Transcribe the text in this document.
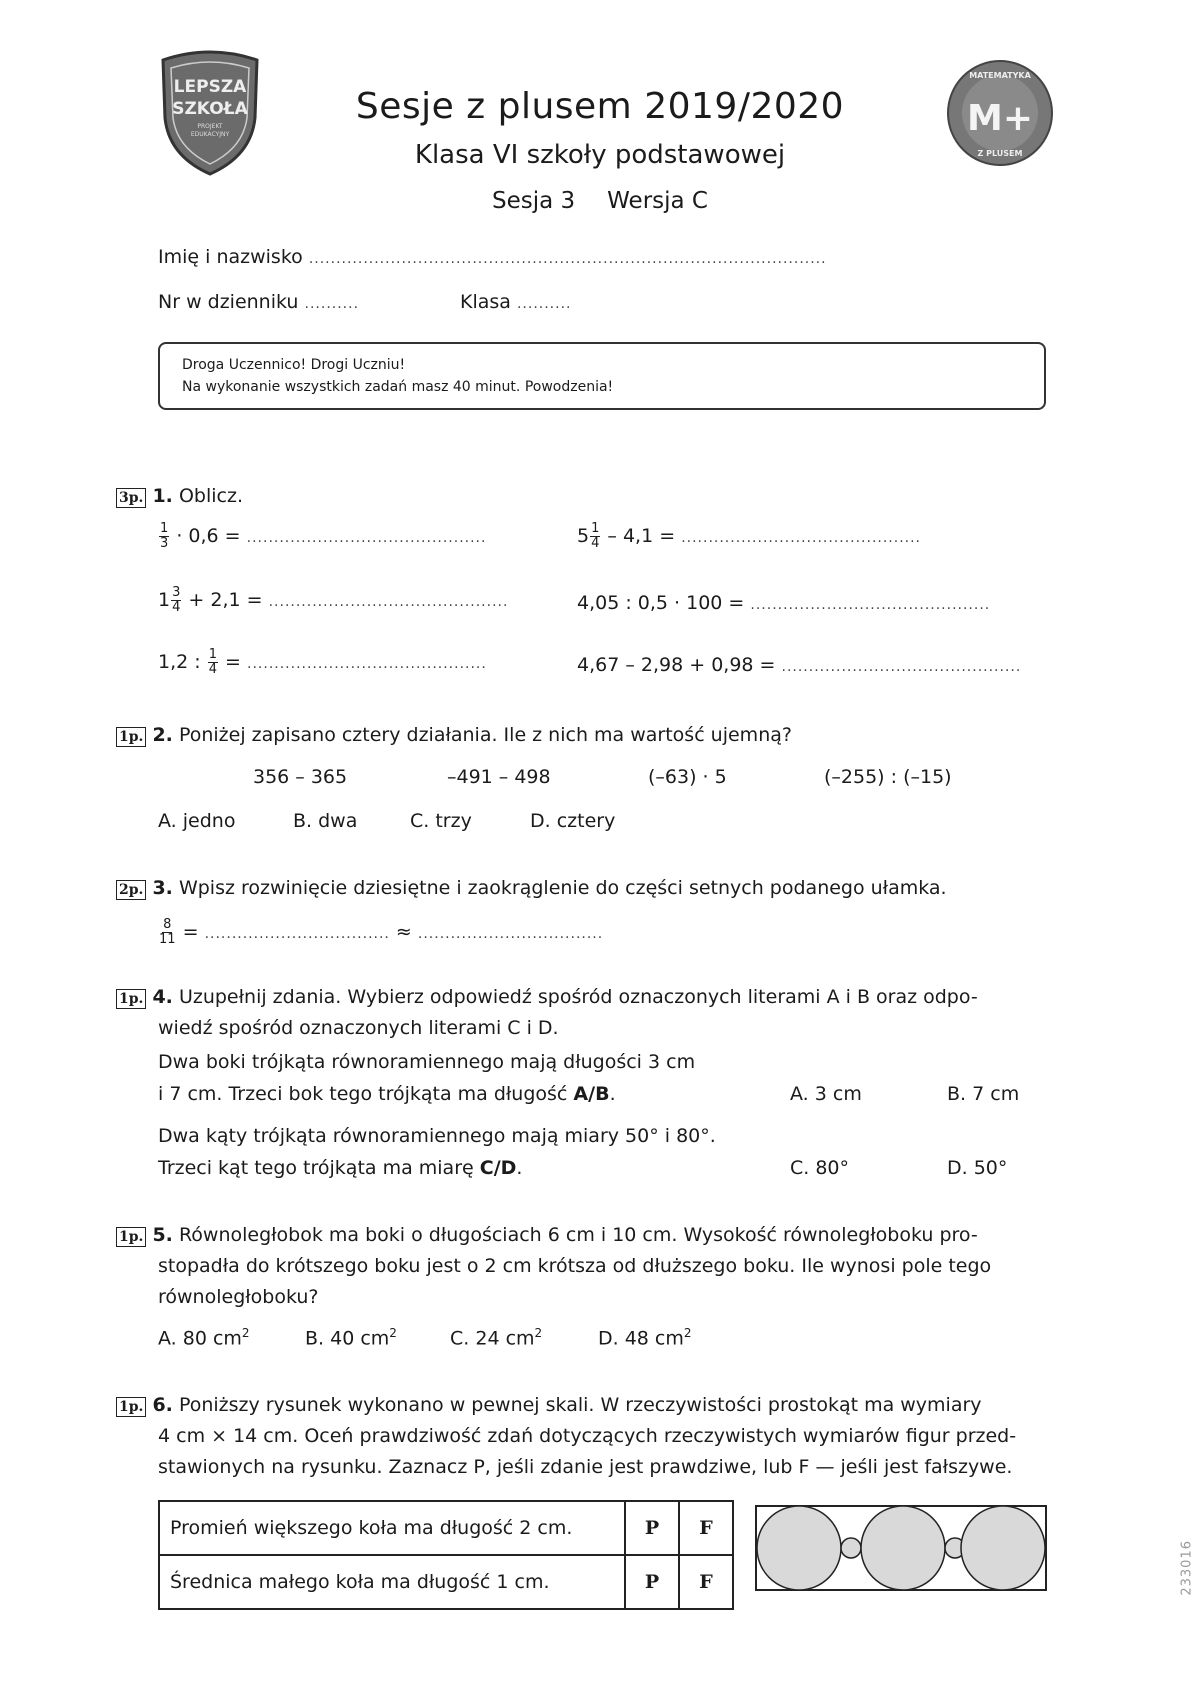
LEPSZA
SZKOŁA
PROJEKT
EDUKACYJNY
MATEMATYKA
M+
Z PLUSEM
Sesje z plusem 2019/2020
Klasa VI szkoły podstawowej
Sesja 3 Wersja C
Imię i nazwisko ...............................................................................................
Nr w dzienniku ..........	Klasa ..........
Droga Uczennico! Drogi Uczniu!
Na wykonanie wszystkich zadań masz 40 minut. Powodzenia!
3p. 1. Oblicz.
$\frac{1}{3} \cdot 0,6$ = ............................................	$5 \frac{1}{4} - 4,1$ = ............................................
$1 \frac{3}{4} + 2,1$ = ............................................	4,05 : 0,5 · 100 = ............................................
1,2 : $\frac{1}{4}$ = ............................................	4,67 – 2,98 + 0,98 = ............................................
1p. 2. Poniżej zapisano cztery działania. Ile z nich ma wartość ujemną?
356 – 365	–491 – 498	(–63) · 5	(–255) : (–15)
A. jedno	B. dwa	C. trzy	D. cztery
2p. 3. Wpisz rozwinięcie dziesiętne i zaokrąglenie do części setnych podanego ułamka.
$\frac{8}{11}$ = .................................. ≈ ..................................
1p. 4. Uzupełnij zdania. Wybierz odpowiedź spośród oznaczonych literami A i B oraz odpo-
wiedź spośród oznaczonych literami C i D.
Dwa boki trójkąta równoramiennego mają długości 3 cm
i 7 cm. Trzeci bok tego trójkąta ma długość A/B.	A. 3 cm	B. 7 cm
Dwa kąty trójkąta równoramiennego mają miary 50° i 80°.
Trzeci kąt tego trójkąta ma miarę C/D.	C. 80°	D. 50°
1p. 5. Równoległobok ma boki o długościach 6 cm i 10 cm. Wysokość równoległoboku pro-
stopadła do krótszego boku jest o 2 cm krótsza od dłuższego boku. Ile wynosi pole tego
równoległoboku?
A. 80 $cm^2$	B. 40 $cm^2$	C. 24 $cm^2$	D. 48 $cm^2$
1p. 6. Poniższy rysunek wykonano w pewnej skali. W rzeczywistości prostokąt ma wymiary
4 cm × 14 cm. Oceń prawdziwość zdań dotyczących rzeczywistych wymiarów figur przed-
stawionych na rysunku. Zaznacz P, jeśli zdanie jest prawdziwe, lub F — jeśli jest fałszywe.
Promień większego koła ma długość 2 cm.	P	F
Średnica małego koła ma długość 1 cm.	P	F	233016
